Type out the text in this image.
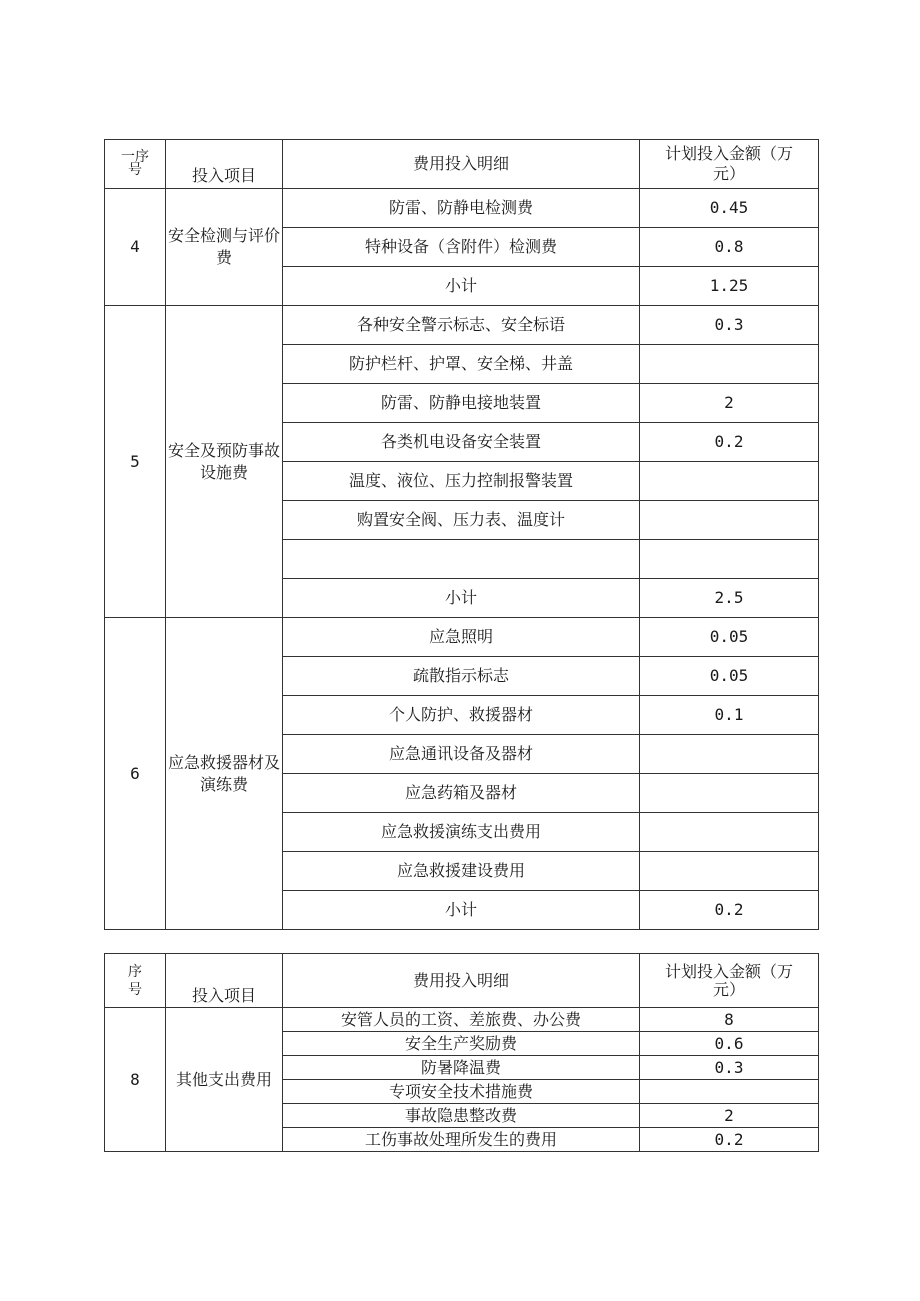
一序
号	投入项目	费用投入明细	计划投入金额（万
元）
4	安全检测与评价费	防雷、防静电检测费	0.45
		特种设备（含附件）检测费	0.8
		小计	1.25
5	安全及预防事故设施费	各种安全警示标志、安全标语	0.3
		防护栏杆、护罩、安全梯、井盖	
		防雷、防静电接地装置	2
		各类机电设备安全装置	0.2
		温度、液位、压力控制报警装置	
		购置安全阀、压力表、温度计	

		小计	2.5
6	应急救援器材及演练费	应急照明	0.05
		疏散指示标志	0.05
		个人防护、救援器材	0.1
		应急通讯设备及器材	
		应急药箱及器材	
		应急救援演练支出费用	
		应急救援建设费用	
		小计	0.2
序
号	投入项目	费用投入明细	计划投入金额（万
元）
8	其他支出费用	安管人员的工资、差旅费、办公费	8
		安全生产奖励费	0.6
		防暑降温费	0.3
		专项安全技术措施费	
		事故隐患整改费	2
		工伤事故处理所发生的费用	0.2
